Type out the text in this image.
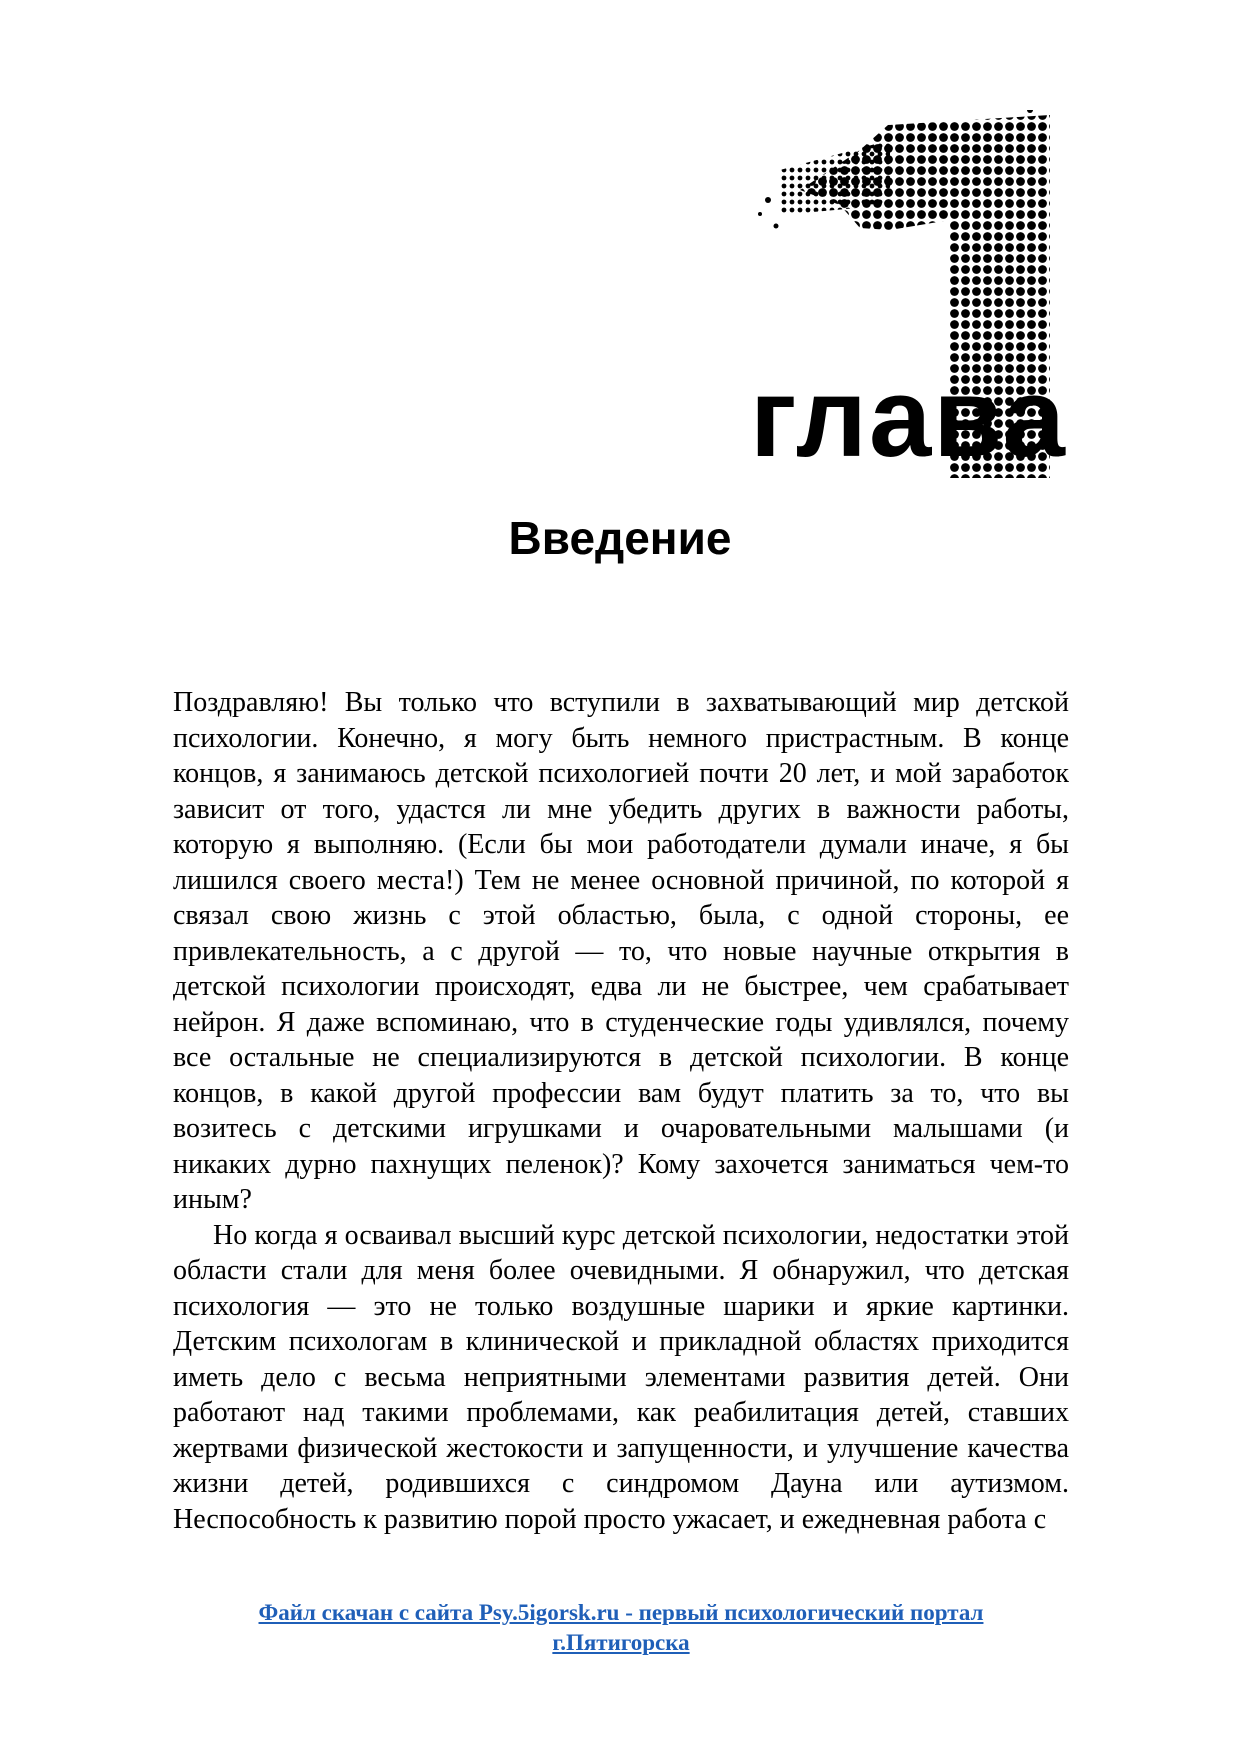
глава
Введение

Поздравляю! Вы только что вступили в захватывающий мир детской психологии. Конечно, я могу быть немного пристрастным. В конце концов, я занимаюсь детской психологией почти 20 лет, и мой заработок зависит от того, удастся ли мне убедить других в важности работы, которую я выполняю. (Если бы мои работодатели думали иначе, я бы лишился своего места!) Тем не менее основной причиной, по которой я связал свою жизнь с этой областью, была, с одной стороны, ее привлекательность, а с другой — то, что новые научные открытия в детской психологии происходят, едва ли не быстрее, чем срабатывает нейрон. Я даже вспоминаю, что в студенческие годы удивлялся, почему все остальные не специализируются в детской психологии. В конце концов, в какой другой профессии вам будут платить за то, что вы возитесь с детскими игрушками и очаровательными малышами (и никаких дурно пахнущих пеленок)? Кому захочется заниматься чем-то иным?

Но когда я осваивал высший курс детской психологии, недостатки этой области стали для меня более очевидными. Я обнаружил, что детская психология — это не только воздушные шарики и яркие картинки. Детским психологам в клинической и прикладной областях приходится иметь дело с весьма неприятными элементами развития детей. Они работают над такими проблемами, как реабилитация детей, ставших жертвами физической жестокости и запущенности, и улучшение качества жизни детей, родившихся с синдромом Дауна или аутизмом. Неспособность к развитию порой просто ужасает, и ежедневная работа с

Файл скачан с сайта Psy.5igorsk.ru - первый психологический портал
г.Пятигорска
